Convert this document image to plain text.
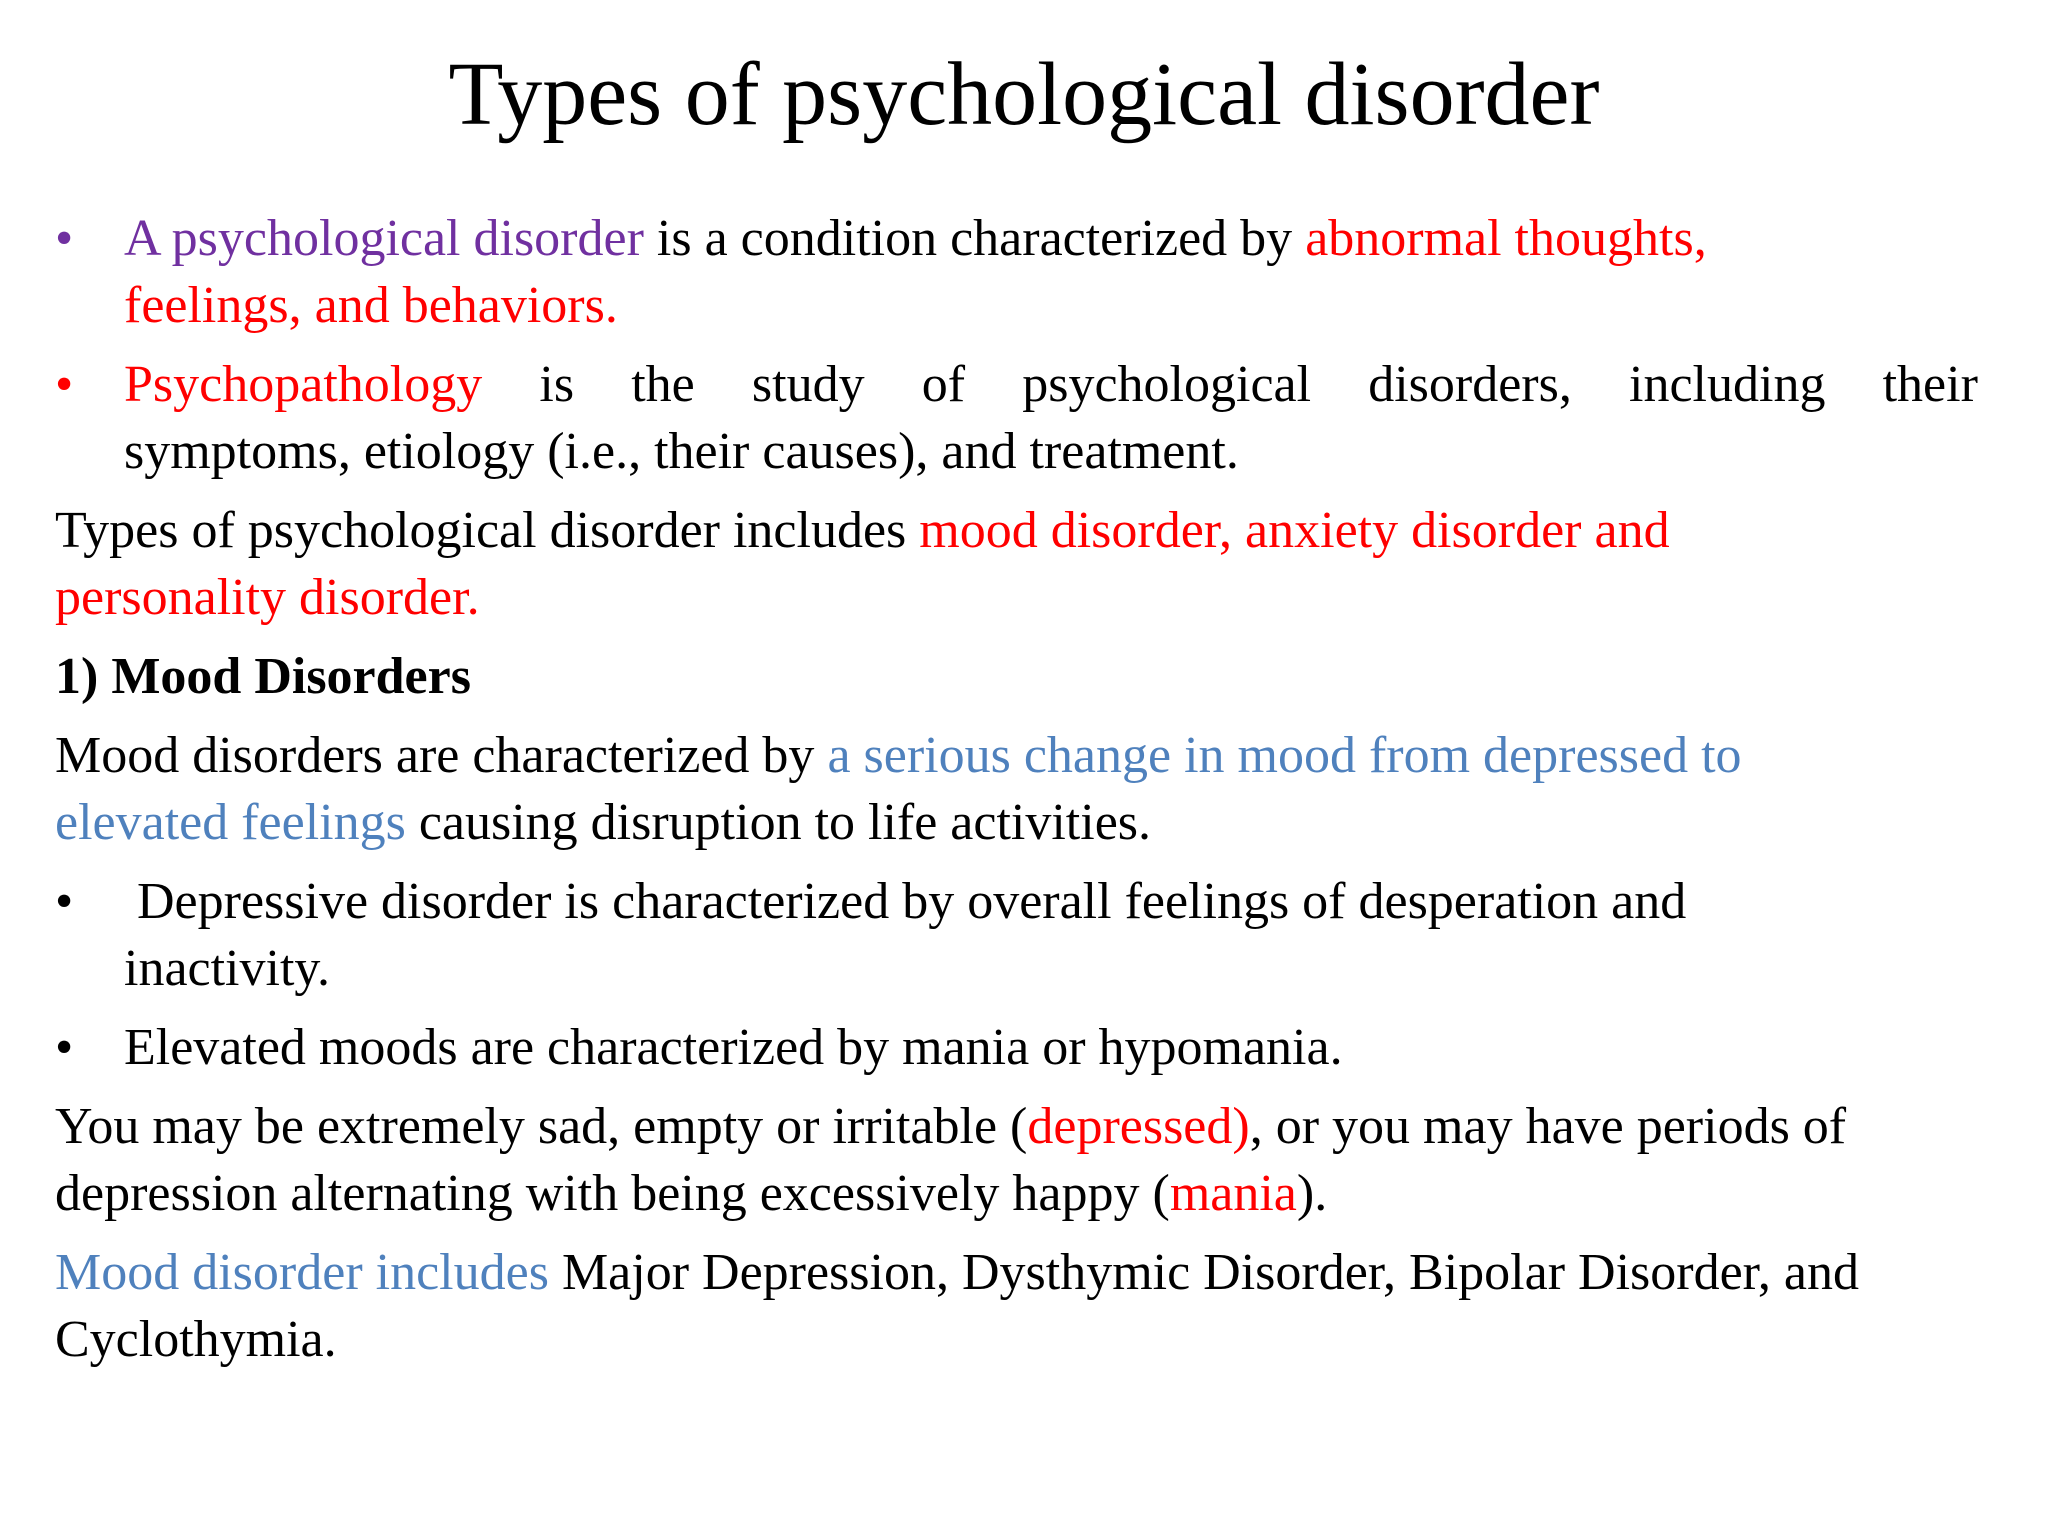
Types of psychological disorder
• A psychological disorder is a condition characterized by abnormal thoughts,
feelings, and behaviors.
• Psychopathology is the study of psychological disorders, including their
symptoms, etiology (i.e., their causes), and treatment.
Types of psychological disorder includes mood disorder, anxiety disorder and
personality disorder.
1) Mood Disorders
Mood disorders are characterized by a serious change in mood from depressed to
elevated feelings causing disruption to life activities.
• Depressive disorder is characterized by overall feelings of desperation and
inactivity.
• Elevated moods are characterized by mania or hypomania.
You may be extremely sad, empty or irritable (depressed), or you may have periods of
depression alternating with being excessively happy (mania).
Mood disorder includes Major Depression, Dysthymic Disorder, Bipolar Disorder, and
Cyclothymia.
